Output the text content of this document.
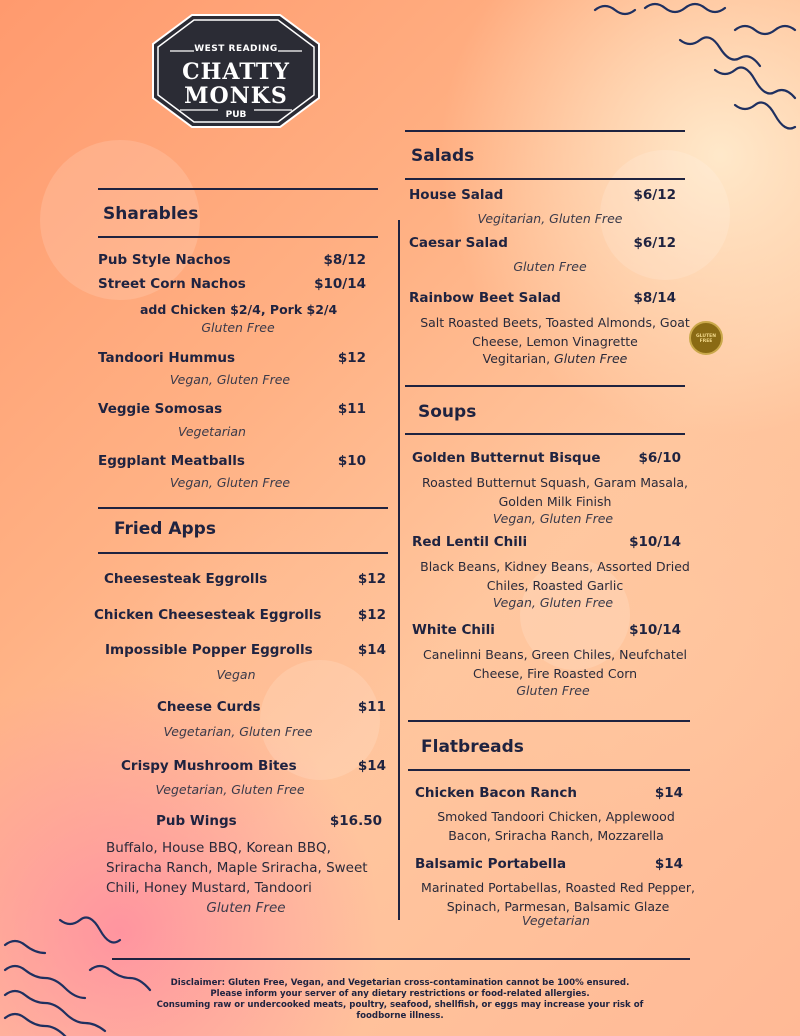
WEST READING
CHATTY
MONKS
PUB
GLUTEN FREE
Sharables
Pub Style Nachos	$8/12
Street Corn Nachos	$10/14
add Chicken $2/4, Pork $2/4
Gluten Free
Tandoori Hummus	$12
Vegan, Gluten Free
Veggie Somosas	$11
Vegetarian
Eggplant Meatballs	$10
Vegan, Gluten Free
Fried Apps
Cheesesteak Eggrolls	$12
Chicken Cheesesteak Eggrolls	$12
Impossible Popper Eggrolls	$14
Vegan
Cheese Curds	$11
Vegetarian, Gluten Free
Crispy Mushroom Bites	$14
Vegetarian, Gluten Free
Pub Wings	$16.50
Buffalo, House BBQ, Korean BBQ, Sriracha Ranch, Maple Sriracha, Sweet Chili, Honey Mustard, Tandoori
Gluten Free
Salads
House Salad	$6/12
Vegitarian, Gluten Free
Caesar Salad	$6/12
Gluten Free
Rainbow Beet Salad	$8/14
Salt Roasted Beets, Toasted Almonds, Goat Cheese, Lemon Vinagrette
Vegitarian, Gluten Free
Soups
Golden Butternut Bisque	$6/10
Roasted Butternut Squash, Garam Masala, Golden Milk Finish
Vegan, Gluten Free
Red Lentil Chili	$10/14
Black Beans, Kidney Beans, Assorted Dried Chiles, Roasted Garlic
Vegan, Gluten Free
White Chili	$10/14
Canelinni Beans, Green Chiles, Neufchatel Cheese, Fire Roasted Corn
Gluten Free
Flatbreads
Chicken Bacon Ranch	$14
Smoked Tandoori Chicken, Applewood Bacon, Sriracha Ranch, Mozzarella
Balsamic Portabella	$14
Marinated Portabellas, Roasted Red Pepper, Spinach, Parmesan, Balsamic Glaze
Vegetarian
Disclaimer: Gluten Free, Vegan, and Vegetarian cross-contamination cannot be 100% ensured.
Please inform your server of any dietary restrictions or food-related allergies.
Consuming raw or undercooked meats, poultry, seafood, shellfish, or eggs may increase your risk of
foodborne illness.
